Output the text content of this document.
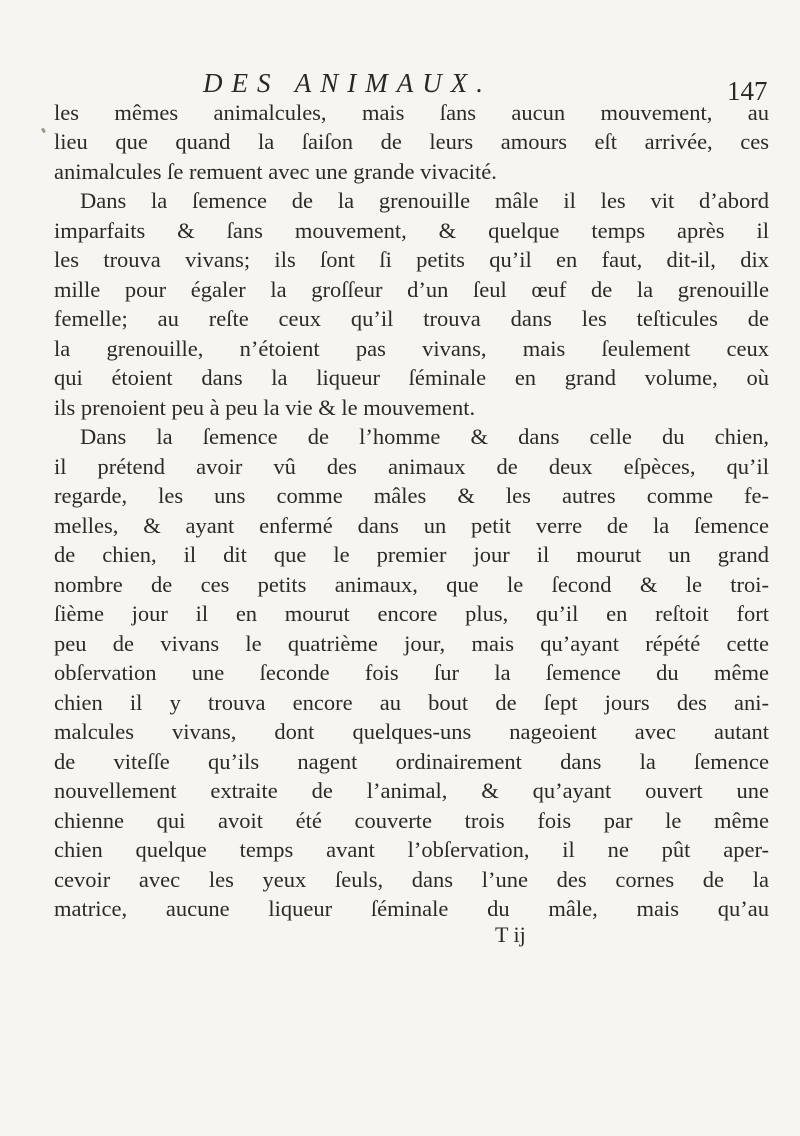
DES ANIMAUX.	147
les mêmes animalcules, mais ſans aucun mouvement, au
lieu que quand la ſaiſon de leurs amours eſt arrivée, ces
animalcules ſe remuent avec une grande vivacité.
Dans la ſemence de la grenouille mâle il les vit d’abord
imparfaits & ſans mouvement, & quelque temps après il
les trouva vivans; ils ſont ſi petits qu’il en faut, dit-il, dix
mille pour égaler la groſſeur d’un ſeul œuf de la grenouille
femelle; au reſte ceux qu’il trouva dans les teſticules de
la grenouille, n’étoient pas vivans, mais ſeulement ceux
qui étoient dans la liqueur ſéminale en grand volume, où
ils prenoient peu à peu la vie & le mouvement.
Dans la ſemence de l’homme & dans celle du chien,
il prétend avoir vû des animaux de deux eſpèces, qu’il
regarde, les uns comme mâles & les autres comme fe-
melles, & ayant enfermé dans un petit verre de la ſemence
de chien, il dit que le premier jour il mourut un grand
nombre de ces petits animaux, que le ſecond & le troi-
ſième jour il en mourut encore plus, qu’il en reſtoit fort
peu de vivans le quatrième jour, mais qu’ayant répété cette
obſervation une ſeconde fois ſur la ſemence du même
chien il y trouva encore au bout de ſept jours des ani-
malcules vivans, dont quelques-uns nageoient avec autant
de viteſſe qu’ils nagent ordinairement dans la ſemence
nouvellement extraite de l’animal, & qu’ayant ouvert une
chienne qui avoit été couverte trois fois par le même
chien quelque temps avant l’obſervation, il ne pût aper-
cevoir avec les yeux ſeuls, dans l’une des cornes de la
matrice, aucune liqueur ſéminale du mâle, mais qu’au
T ij
